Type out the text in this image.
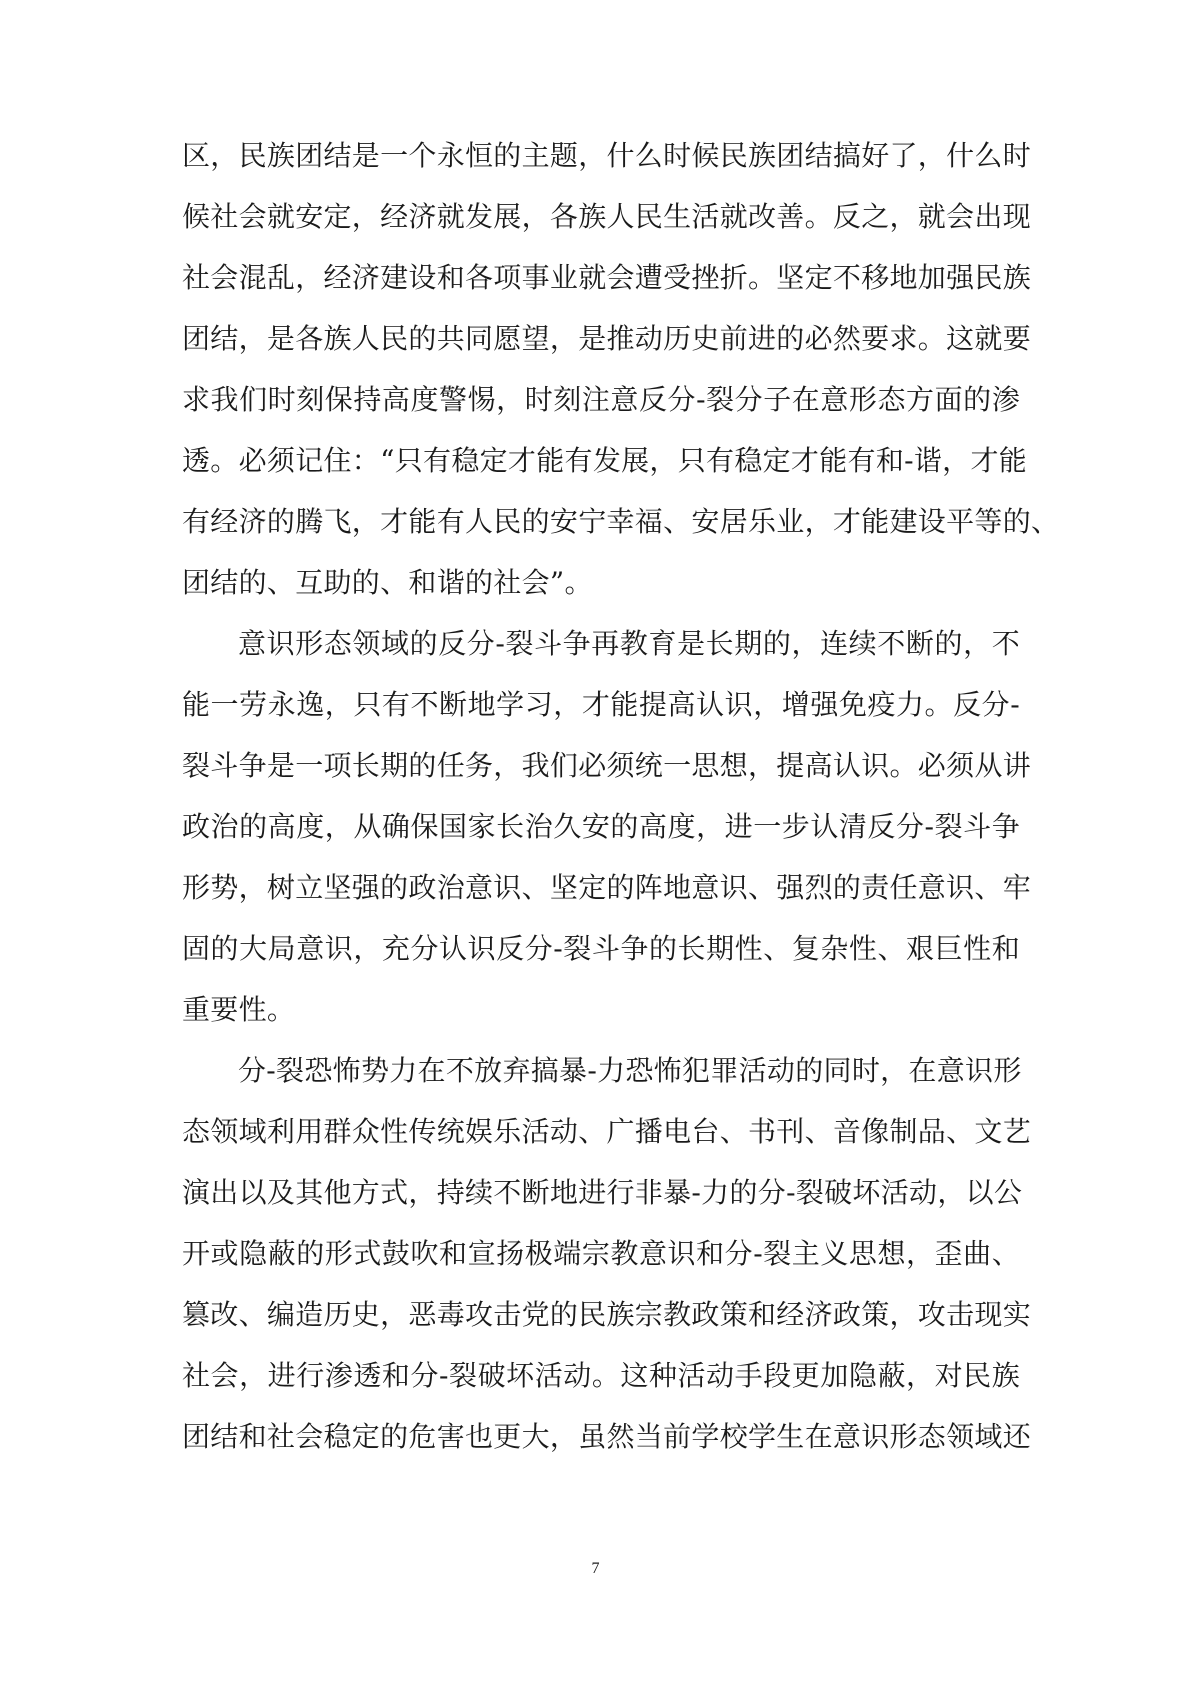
区，民族团结是一个永恒的主题，什么时候民族团结搞好了，什么时
候社会就安定，经济就发展，各族人民生活就改善。反之，就会出现
社会混乱，经济建设和各项事业就会遭受挫折。坚定不移地加强民族
团结，是各族人民的共同愿望，是推动历史前进的必然要求。这就要
求我们时刻保持高度警惕，时刻注意反分-裂分子在意形态方面的渗
透。必须记住：“只有稳定才能有发展，只有稳定才能有和-谐，才能
有经济的腾飞，才能有人民的安宁幸福、安居乐业，才能建设平等的、
团结的、互助的、和谐的社会”。
意识形态领域的反分-裂斗争再教育是长期的，连续不断的，不
能一劳永逸，只有不断地学习，才能提高认识，增强免疫力。反分-
裂斗争是一项长期的任务，我们必须统一思想，提高认识。必须从讲
政治的高度，从确保国家长治久安的高度，进一步认清反分-裂斗争
形势，树立坚强的政治意识、坚定的阵地意识、强烈的责任意识、牢
固的大局意识，充分认识反分-裂斗争的长期性、复杂性、艰巨性和
重要性。
分-裂恐怖势力在不放弃搞暴-力恐怖犯罪活动的同时，在意识形
态领域利用群众性传统娱乐活动、广播电台、书刊、音像制品、文艺
演出以及其他方式，持续不断地进行非暴-力的分-裂破坏活动，以公
开或隐蔽的形式鼓吹和宣扬极端宗教意识和分-裂主义思想，歪曲、
篡改、编造历史，恶毒攻击党的民族宗教政策和经济政策，攻击现实
社会，进行渗透和分-裂破坏活动。这种活动手段更加隐蔽，对民族
团结和社会稳定的危害也更大，虽然当前学校学生在意识形态领域还
7
